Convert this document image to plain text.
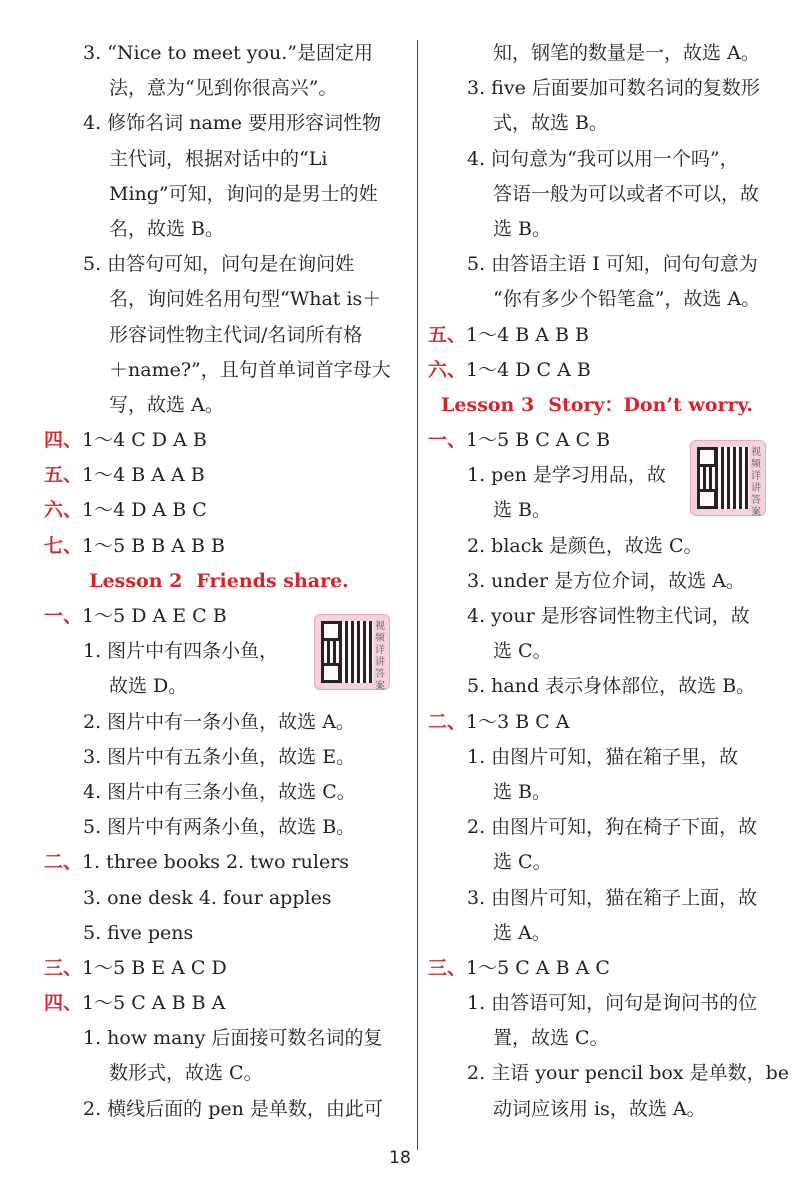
3. “Nice to meet you.”是固定用
法，意为“见到你很高兴”。
4. 修饰名词 name 要用形容词性物
主代词，根据对话中的“Li
Ming”可知，询问的是男士的姓
名，故选 B。
5. 由答句可知，问句是在询问姓
名，询问姓名用句型“What is＋
形容词性物主代词/名词所有格
＋name?”，且句首单词首字母大
写，故选 A。
四、1～4 C D A B
五、1～4 B A A B
六、1～4 D A B C
七、1～5 B B A B B
Lesson 2 Friends share.
一、1～5 D A E C B
1. 图片中有四条小鱼，
故选 D。
2. 图片中有一条小鱼，故选 A。
3. 图片中有五条小鱼，故选 E。
4. 图片中有三条小鱼，故选 C。
5. 图片中有两条小鱼，故选 B。
二、1. three books 2. two rulers
3. one desk 4. four apples
5. five pens
三、1～5 B E A C D
四、1～5 C A B B A
1. how many 后面接可数名词的复
数形式，故选 C。
2. 横线后面的 pen 是单数，由此可
知，钢笔的数量是一，故选 A。
3. five 后面要加可数名词的复数形
式，故选 B。
4. 问句意为“我可以用一个吗”，
答语一般为可以或者不可以，故
选 B。
5. 由答语主语 I 可知，问句句意为
“你有多少个铅笔盒”，故选 A。
五、1～4 B A B B
六、1～4 D C A B
Lesson 3 Story：Don’t worry.
一、1～5 B C A C B
1. pen 是学习用品，故
选 B。
2. black 是颜色，故选 C。
3. under 是方位介词，故选 A。
4. your 是形容词性物主代词，故
选 C。
5. hand 表示身体部位，故选 B。
二、1～3 B C A
1. 由图片可知，猫在箱子里，故
选 B。
2. 由图片可知，狗在椅子下面，故
选 C。
3. 由图片可知，猫在箱子上面，故
选 A。
三、1～5 C A B A C
1. 由答语可知，问句是询问书的位
置，故选 C。
2. 主语 your pencil box 是单数，be
动词应该用 is，故选 A。
视频详讲答案
视频详讲答案
18
